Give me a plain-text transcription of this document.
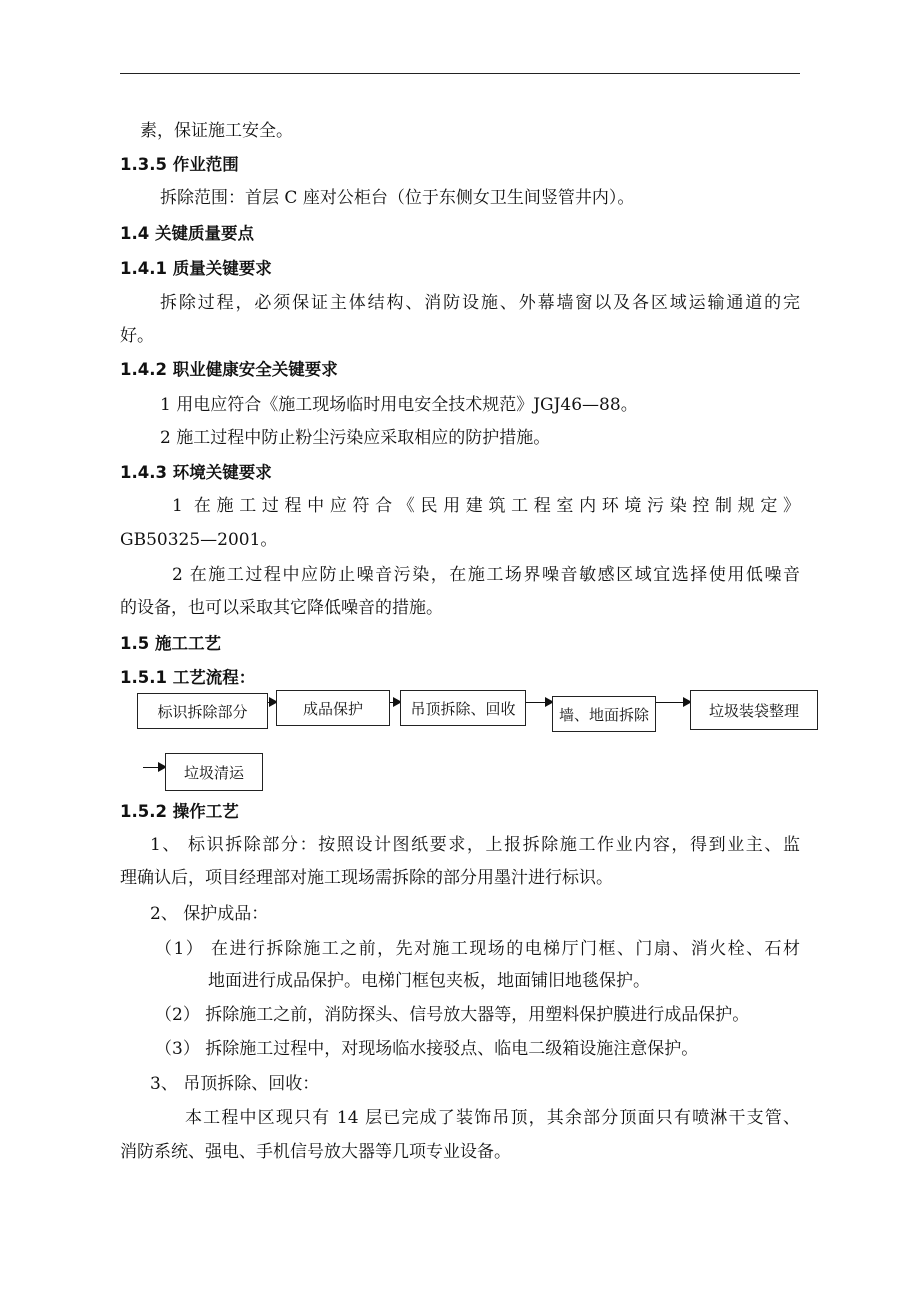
素，保证施工安全。
1.3.5 作业范围
拆除范围：首层 C 座对公柜台（位于东侧女卫生间竖管井内）。
1.4 关键质量要点
1.4.1 质量关键要求
拆除过程，必须保证主体结构、消防设施、外幕墙窗以及各区域运输通道的完
好。
1.4.2 职业健康安全关键要求
1 用电应符合《施工现场临时用电安全技术规范》JGJ46—88。
2 施工过程中防止粉尘污染应采取相应的防护措施。
1.4.3 环境关键要求
1 在施工过程中应符合《民用建筑工程室内环境污染控制规定》
GB50325—2001。
2 在施工过程中应防止噪音污染，在施工场界噪音敏感区域宜选择使用低噪音
的设备，也可以采取其它降低噪音的措施。
1.5 施工工艺
1.5.1 工艺流程：
标识拆除部分	成品保护	吊顶拆除、回收	墙、地面拆除	垃圾装袋整理
垃圾清运
1.5.2 操作工艺
1、 标识拆除部分：按照设计图纸要求，上报拆除施工作业内容，得到业主、监
理确认后，项目经理部对施工现场需拆除的部分用墨汁进行标识。
2、 保护成品：
（1） 在进行拆除施工之前，先对施工现场的电梯厅门框、门扇、消火栓、石材
地面进行成品保护。电梯门框包夹板，地面铺旧地毯保护。
（2） 拆除施工之前，消防探头、信号放大器等，用塑料保护膜进行成品保护。
（3） 拆除施工过程中，对现场临水接驳点、临电二级箱设施注意保护。
3、 吊顶拆除、回收：
本工程中区现只有 14 层已完成了装饰吊顶，其余部分顶面只有喷淋干支管、
消防系统、强电、手机信号放大器等几项专业设备。
